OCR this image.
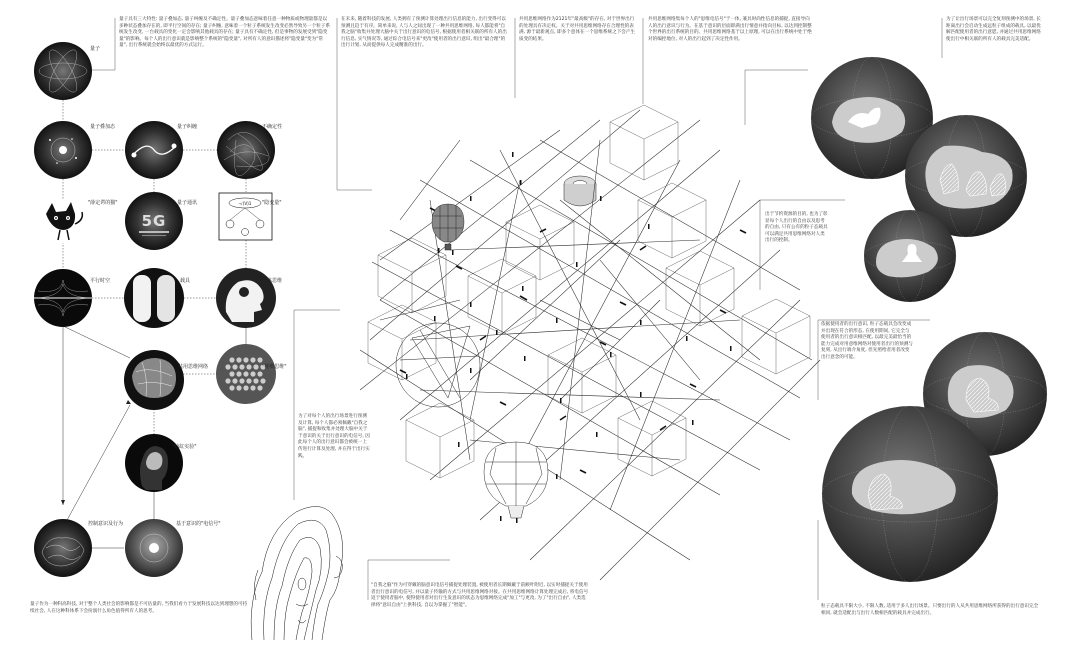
5G
-√(V)1
量子
量子叠加态	量子纠缠	不确定性
"薛定谔的猫"	量子通讯	"隐变量"
平行时空	载具	个体思维
共用思维网络	"梗概思维"
"脑缸实验"
控制意识及行为	基于意识的"电信号"
量子具有三大特性: 量子叠加态, 量子纠缠及不确定性。量子叠加态意味着任意一种物质或物理量都是以多种状态叠加存在的, 即平行空间的存在; 量子纠缠, 意味着一个粒子系统发生改变必然导致另一个粒子系统发生改变, 一台载具的变化一定会影响其他载具的存在; 量子具有不确定性, 但是事物的发展受到"隐变量"的影响。每个人的出行意识就是影响整个系统的"隐变量", 对所有人的意识描述将"隐变量"变为"常量", 出行系统就会始终以最优的方式运行。
在未来, 随着科技的发展, 人类拥有了预测计算处理出行信息的能力, 出行变得可以预测且趋于有序。简单来说, 人与人之间出现了一种共用思维网络, 每人都能将"自我之脑"收集并处理大脑中关于出行意识的电信号, 根据使用者相关联的所有人的出行信息, 实气情况等, 通过综合电信号来"更改"使用者的出行意识, 组出"最合理"的出行计划, 从而提供每人完成精准的出行。
共用思维网络作为2121年"最高级"的存在, 对于世界出行的处理具有决定权。关于对共用思维网络存在合理性的表满, 源于最新观点, 即多个意体在一个思维系统之下会产生质变的结果。
共用思维网络集每个人的"思维电信号"于一体, 兼具时尚性信息的捕捉, 直接导向人的出行意识与行为。在基于意识的层面即满出行情意并指向目标, 以达到控制整个世界的出行系统的目的。共用思维网络基于以上原理, 可以在出行系统中处于绝对的编控地位, 对人的出行起到了决定性作用。
为了让出行场景可以完全复刻预测中的场景, 长距离出行会启动生成远粒子组成的载具, 以最优解匹配使用者的出行意愿, 并通过共用思维网络使出行中相关联的所有人的载具完美适配。
出于节约资源的目的, 也为了彰显每个人出行的自由以及思考的自由, 只有公有的粒子态载具可以满足共用思维网络对人类出行的控制。
依据使用者的出行意识, 粒子态载具会改变成并出现在符合的形态, 在使用期间, 它完全与使用者的出行意识相匹配, 以最完美最恰当的能力完成对用意维网络对使用者出行的预测与复刻, 从出行端介角度, 但先照给者用者改变出行意念的可能。
为了对每个人的出行场景进行预测及计算, 每个人都必须佩戴"自我之脑", 捕捉和收集并处理大脑中关于于意识的关于出行意识的电信号, 因此每个人的出行意识都会被统一上传进行计算及处理, 并在得于出行实践。
"自我之脑"作为可穿戴的脑意识电信号捕捉处理装置, 被使用者长期佩戴于前额叶附近, 以实时捕捉关于使用者出行意识的电信号, 并以量子传输的方式与共用思维网络对接。在共用思维网络计算处理完成后, 将电信号返于使用者脑中, 使得使用者对出行生发意识的状态为思维网络完成"加工"与更改, 为了"出行自由", 人类选择将"意识自由"上供科技, 自以为掌握了"智能"。
量子作为一种科高科技, 对于整个人类社会的影响都是不可估量的, 当我们看力于发展科技以达到理想的可持续社会, 人在这种科体系下会扮演什么角色值得所有人的思考。
粒子态载具不限大小, 不限人数, 适用于多人出行场景。只要出行的人从共用思维网络所获得的出行意识完全相同, 就会适配出与出行人数相匹配的载具并完成出行。
